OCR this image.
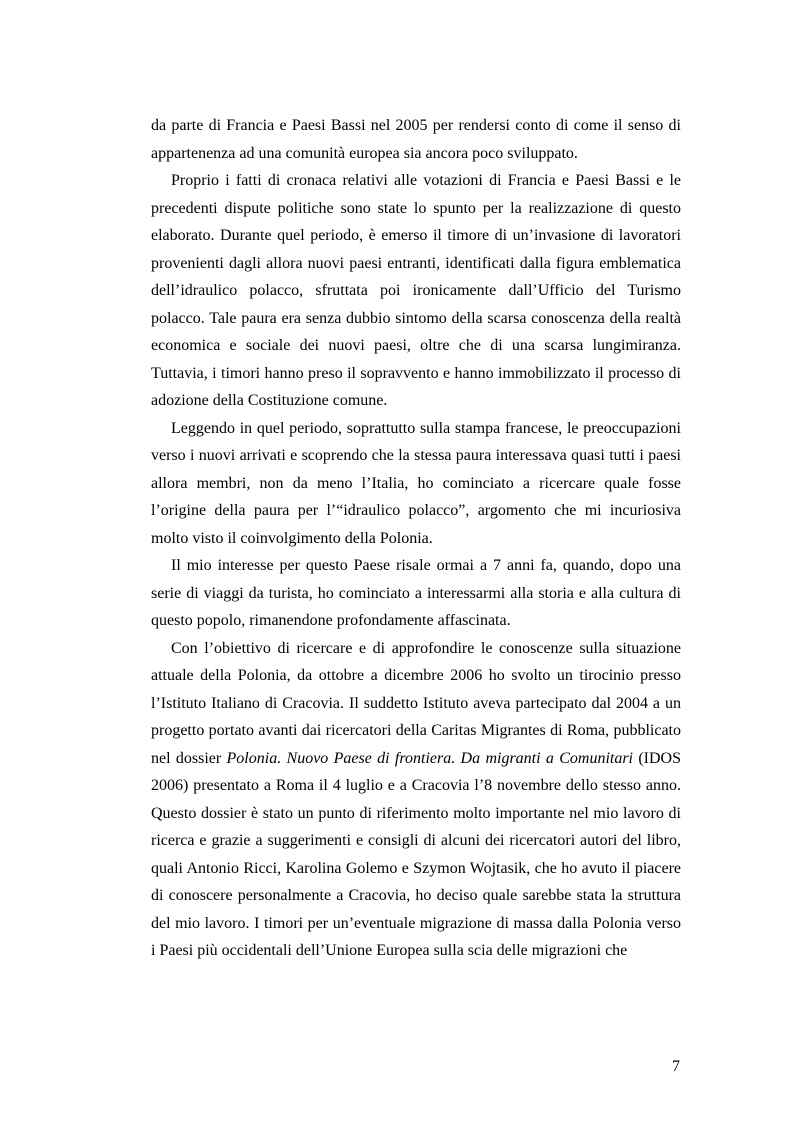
da parte di Francia e Paesi Bassi nel 2005 per rendersi conto di come il senso di appartenenza ad una comunità europea sia ancora poco sviluppato.

Proprio i fatti di cronaca relativi alle votazioni di Francia e Paesi Bassi e le precedenti dispute politiche sono state lo spunto per la realizzazione di questo elaborato. Durante quel periodo, è emerso il timore di un’invasione di lavoratori provenienti dagli allora nuovi paesi entranti, identificati dalla figura emblematica dell’idraulico polacco, sfruttata poi ironicamente dall’Ufficio del Turismo polacco. Tale paura era senza dubbio sintomo della scarsa conoscenza della realtà economica e sociale dei nuovi paesi, oltre che di una scarsa lungimiranza. Tuttavia, i timori hanno preso il sopravvento e hanno immobilizzato il processo di adozione della Costituzione comune.

Leggendo in quel periodo, soprattutto sulla stampa francese, le preoccupazioni verso i nuovi arrivati e scoprendo che la stessa paura interessava quasi tutti i paesi allora membri, non da meno l’Italia, ho cominciato a ricercare quale fosse l’origine della paura per l’“idraulico polacco”, argomento che mi incuriosiva molto visto il coinvolgimento della Polonia.

Il mio interesse per questo Paese risale ormai a 7 anni fa, quando, dopo una serie di viaggi da turista, ho cominciato a interessarmi alla storia e alla cultura di questo popolo, rimanendone profondamente affascinata.

Con l’obiettivo di ricercare e di approfondire le conoscenze sulla situazione attuale della Polonia, da ottobre a dicembre 2006 ho svolto un tirocinio presso l’Istituto Italiano di Cracovia. Il suddetto Istituto aveva partecipato dal 2004 a un progetto portato avanti dai ricercatori della Caritas Migrantes di Roma, pubblicato nel dossier Polonia. Nuovo Paese di frontiera. Da migranti a Comunitari (IDOS 2006) presentato a Roma il 4 luglio e a Cracovia l’8 novembre dello stesso anno. Questo dossier è stato un punto di riferimento molto importante nel mio lavoro di ricerca e grazie a suggerimenti e consigli di alcuni dei ricercatori autori del libro, quali Antonio Ricci, Karolina Golemo e Szymon Wojtasik, che ho avuto il piacere di conoscere personalmente a Cracovia, ho deciso quale sarebbe stata la struttura del mio lavoro. I timori per un’eventuale migrazione di massa dalla Polonia verso i Paesi più occidentali dell’Unione Europea sulla scia delle migrazioni che

7
